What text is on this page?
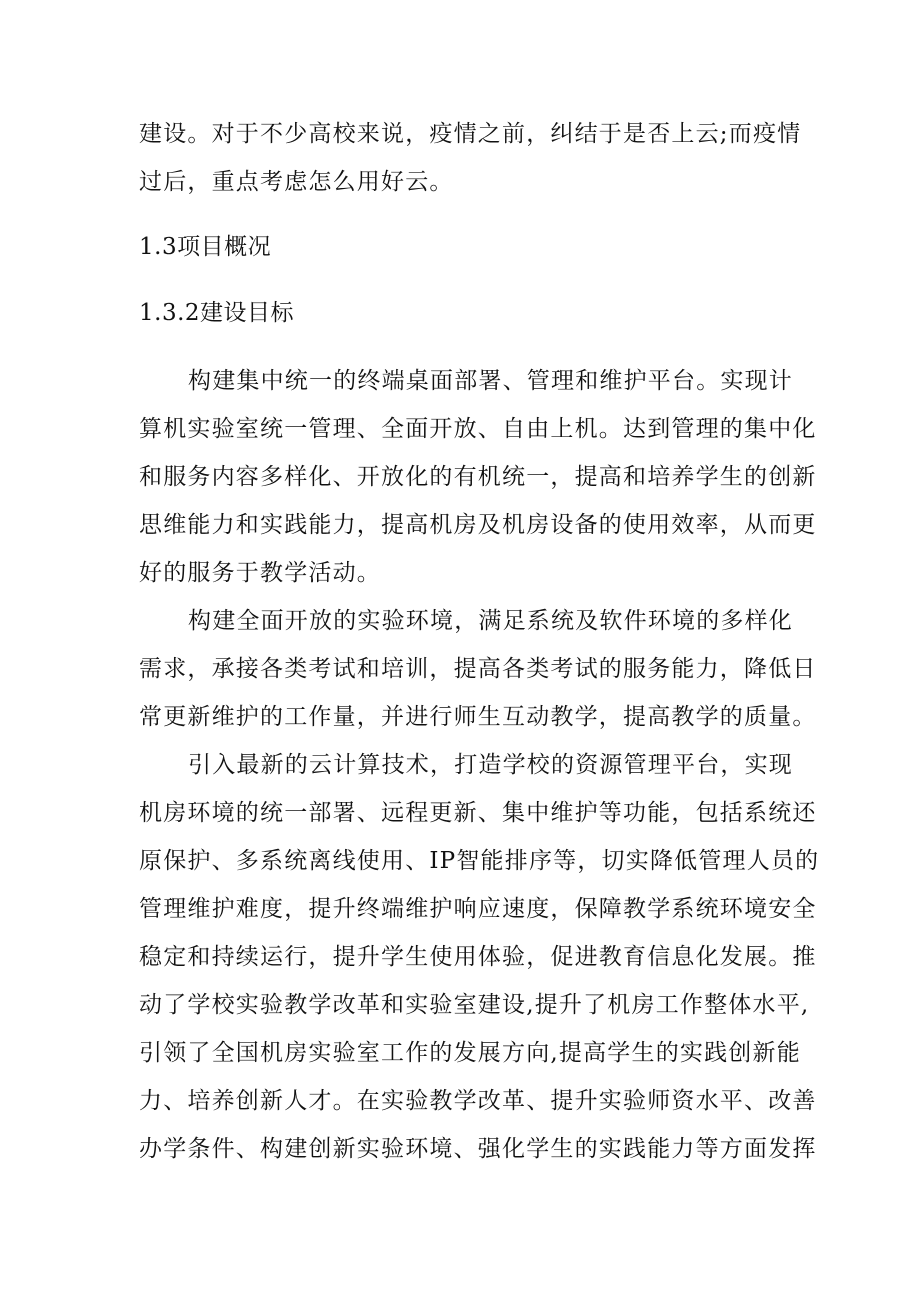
建设。对于不少高校来说，疫情之前，纠结于是否上云;而疫情
过后，重点考虑怎么用好云。
1.3项目概况
1.3.2建设目标
构建集中统一的终端桌面部署、管理和维护平台。实现计
算机实验室统一管理、全面开放、自由上机。达到管理的集中化
和服务内容多样化、开放化的有机统一，提高和培养学生的创新
思维能力和实践能力，提高机房及机房设备的使用效率，从而更
好的服务于教学活动。
构建全面开放的实验环境，满足系统及软件环境的多样化
需求，承接各类考试和培训，提高各类考试的服务能力，降低日
常更新维护的工作量，并进行师生互动教学，提高教学的质量。
引入最新的云计算技术，打造学校的资源管理平台，实现
机房环境的统一部署、远程更新、集中维护等功能，包括系统还
原保护、多系统离线使用、IP智能排序等，切实降低管理人员的
管理维护难度，提升终端维护响应速度，保障教学系统环境安全
稳定和持续运行，提升学生使用体验，促进教育信息化发展。推
动了学校实验教学改革和实验室建设,提升了机房工作整体水平,
引领了全国机房实验室工作的发展方向,提高学生的实践创新能
力、培养创新人才。在实验教学改革、提升实验师资水平、改善
办学条件、构建创新实验环境、强化学生的实践能力等方面发挥
